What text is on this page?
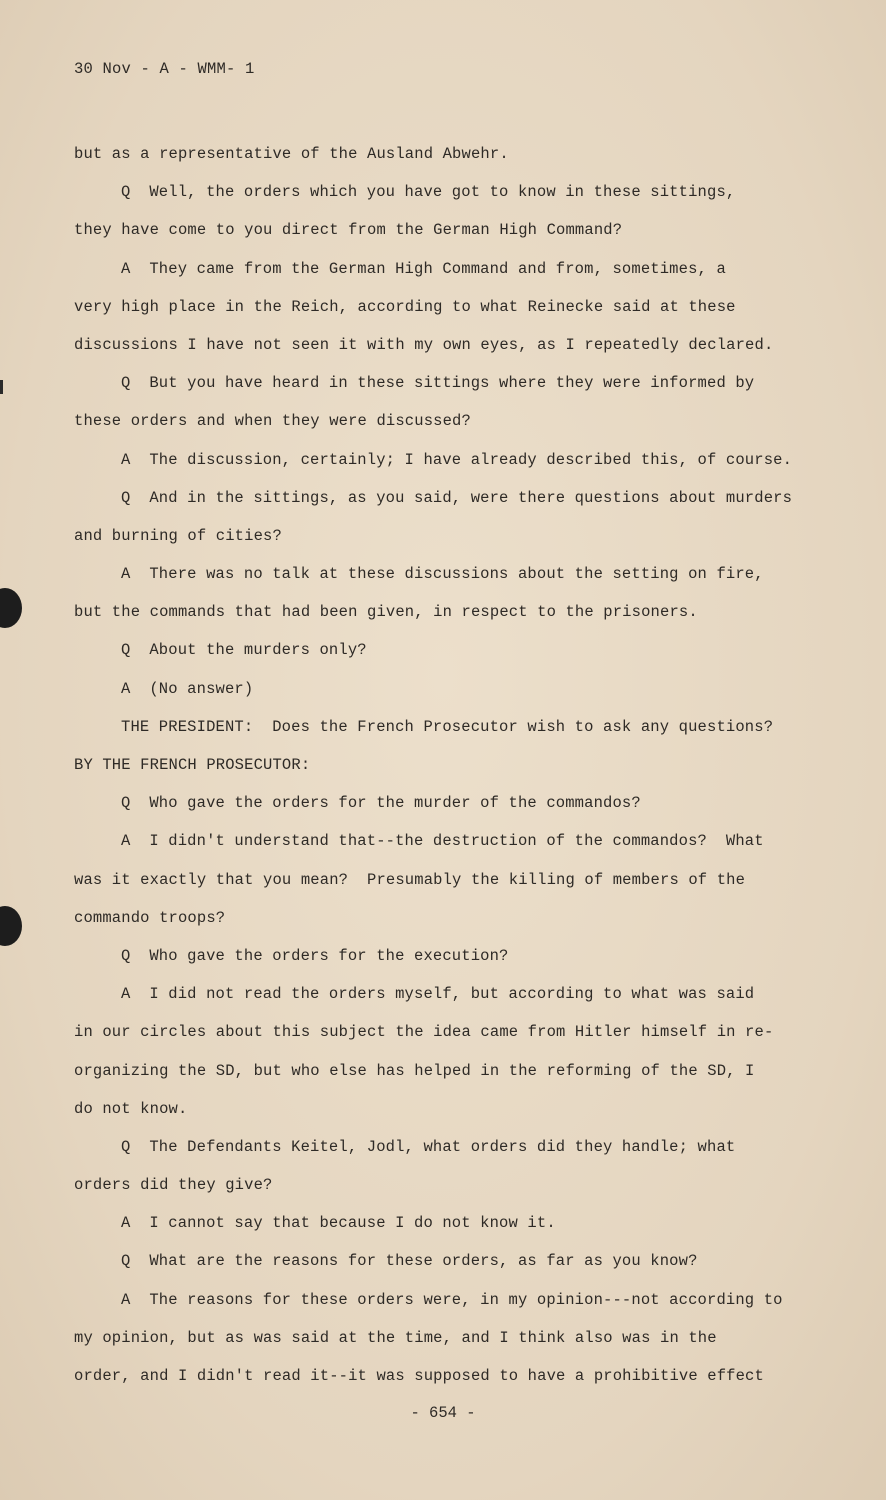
30 Nov - A - WMM- 1
but as a representative of the Ausland Abwehr.
Q  Well, the orders which you have got to know in these sittings,
they have come to you direct from the German High Command?
A  They came from the German High Command and from, sometimes, a
very high place in the Reich, according to what Reinecke said at these
discussions I have not seen it with my own eyes, as I repeatedly declared.
Q  But you have heard in these sittings where they were informed by
these orders and when they were discussed?
A  The discussion, certainly; I have already described this, of course.
Q  And in the sittings, as you said, were there questions about murders
and burning of cities?
A  There was no talk at these discussions about the setting on fire,
but the commands that had been given, in respect to the prisoners.
Q  About the murders only?
A  (No answer)
THE PRESIDENT:  Does the French Prosecutor wish to ask any questions?
BY THE FRENCH PROSECUTOR:
Q  Who gave the orders for the murder of the commandos?
A  I didn't understand that--the destruction of the commandos?  What
was it exactly that you mean?  Presumably the killing of members of the
commando troops?
Q  Who gave the orders for the execution?
A  I did not read the orders myself, but according to what was said
in our circles about this subject the idea came from Hitler himself in re-
organizing the SD, but who else has helped in the reforming of the SD, I
do not know.
Q  The Defendants Keitel, Jodl, what orders did they handle; what
orders did they give?
A  I cannot say that because I do not know it.
Q  What are the reasons for these orders, as far as you know?
A  The reasons for these orders were, in my opinion---not according to
my opinion, but as was said at the time, and I think also was in the
order, and I didn't read it--it was supposed to have a prohibitive effect
- 654 -
